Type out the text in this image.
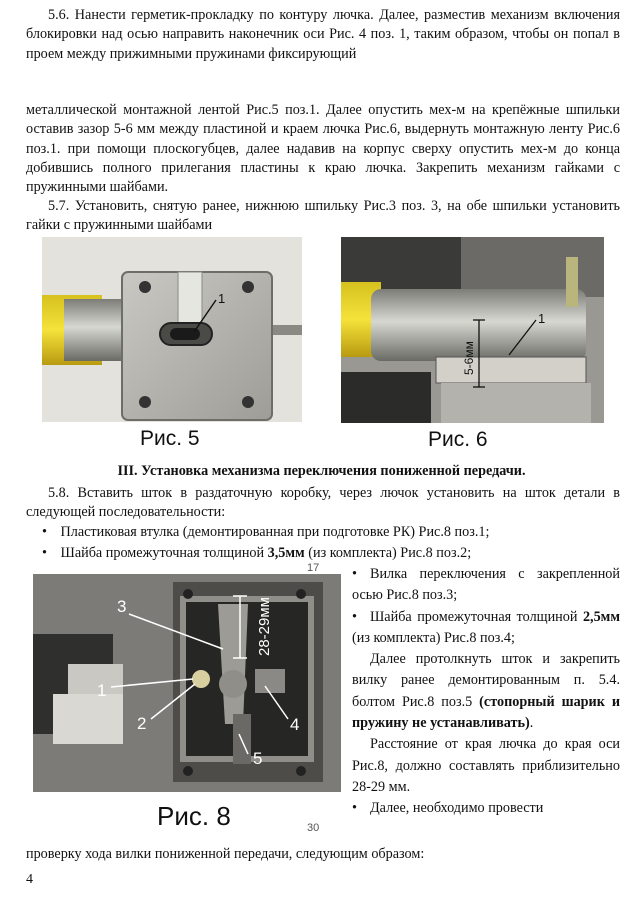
5.6. Нанести герметик-прокладку по контуру лючка. Далее, разместив механизм включения блокировки над осью направить наконечник оси Рис. 4 поз. 1, таким образом, чтобы он попал в проем между прижимными пружинами фиксирующий
металлической монтажной лентой Рис.5 поз.1. Далее опустить мех-м на крепёжные шпильки оставив зазор 5-6 мм между пластиной и краем лючка Рис.6, выдернуть монтажную ленту Рис.6 поз.1. при помощи плоскогубцев, далее надавив на корпус сверху опустить мех-м до конца добившись полного прилегания пластины к краю лючка. Закрепить механизм гайками с пружинными шайбами.
5.7. Установить, снятую ранее, нижнюю шпильку Рис.3 поз. 3, на обе шпильки установить гайки с пружинными шайбами
1
Рис. 5
5-6мм
1
Рис. 6
III. Установка механизма переключения пониженной передачи.
5.8. Вставить шток в раздаточную коробку, через лючок установить на шток детали в следующей последовательности:
• Пластиковая втулка (демонтированная при подготовке РК) Рис.8 поз.1;
• Шайба промежуточная толщиной 3,5мм (из комплекта) Рис.8 поз.2;
17
30
28-29мм
1
2
3
4
5
Рис. 8
• Вилка переключения с закрепленной осью Рис.8 поз.3;
• Шайба промежуточная толщиной 2,5мм (из комплекта) Рис.8 поз.4;
Далее протолкнуть шток и закрепить вилку ранее демонтированным п. 5.4. болтом Рис.8 поз.5 (стопорный шарик и пружину не устанавливать).
Расстояние от края лючка до края оси Рис.8, должно составлять приблизительно 28-29 мм.
• Далее, необходимо провести
проверку хода вилки пониженной передачи, следующим образом:
4
